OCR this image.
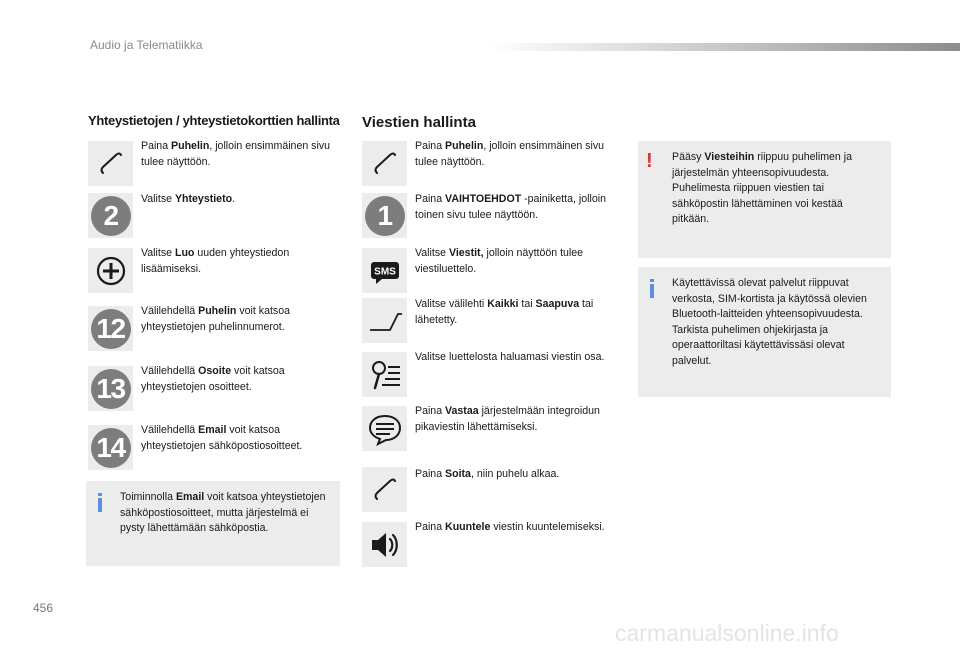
Audio ja Telematiikka
Yhteystietojen / yhteystietokorttien hallinta
Paina Puhelin, jolloin ensimmäinen sivu tulee näyttöön.
2
Valitse Yhteystieto.
Valitse Luo uuden yhteystiedon lisäämiseksi.
12
Välilehdellä Puhelin voit katsoa yhteystietojen puhelinnumerot.
13
Välilehdellä Osoite voit katsoa yhteystietojen osoitteet.
14
Välilehdellä Email voit katsoa yhteystietojen sähköpostiosoitteet.
Toiminnolla Email voit katsoa yhteystietojen sähköpostiosoitteet, mutta järjestelmä ei pysty lähettämään sähköpostia.
Viestien hallinta
Paina Puhelin, jolloin ensimmäinen sivu tulee näyttöön.
1
Paina VAIHTOEHDOT -painiketta, jolloin toinen sivu tulee näyttöön.
SMS
Valitse Viestit, jolloin näyttöön tulee viestiluettelo.
Valitse välilehti Kaikki tai Saapuva tai lähetetty.
Valitse luettelosta haluamasi viestin osa.
Paina Vastaa järjestelmään integroidun pikaviestin lähettämiseksi.
Paina Soita, niin puhelu alkaa.
Paina Kuuntele viestin kuuntelemiseksi.
! Pääsy Viesteihin riippuu puhelimen ja järjestelmän yhteensopivuudesta. Puhelimesta riippuen viestien tai sähköpostin lähettäminen voi kestää pitkään.
Käytettävissä olevat palvelut riippuvat verkosta, SIM-kortista ja käytössä olevien Bluetooth-laitteiden yhteensopivuudesta. Tarkista puhelimen ohjekirjasta ja operaattoriltasi käytettävissäsi olevat palvelut.
456
carmanualsonline.info
